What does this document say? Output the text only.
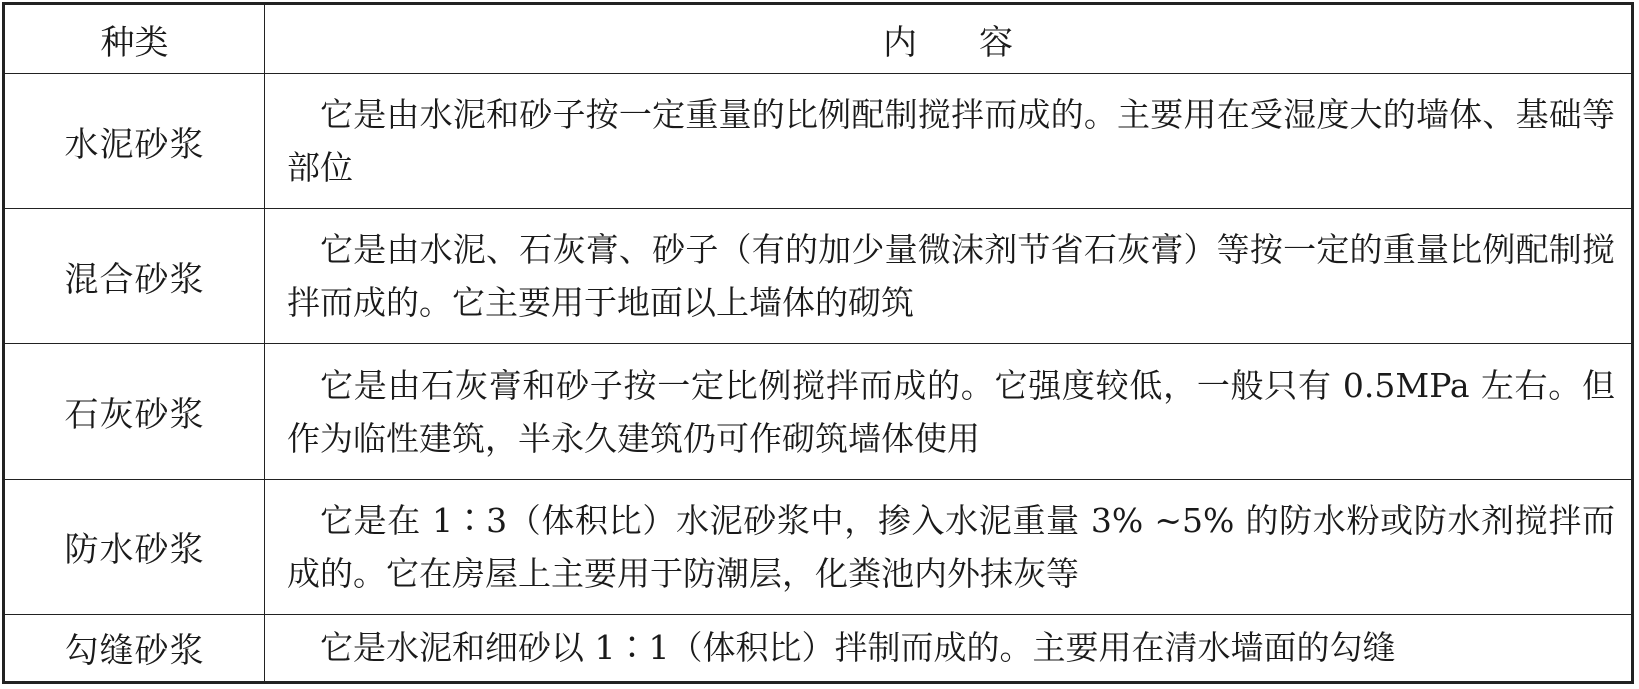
种类	内容
水泥砂浆	它是由水泥和砂子按一定重量的比例配制搅拌而成的。主要用在受湿度大的墙体、基础等部位
混合砂浆	它是由水泥、石灰膏、砂子（有的加少量微沫剂节省石灰膏）等按一定的重量比例配制搅拌而成的。它主要用于地面以上墙体的砌筑
石灰砂浆	它是由石灰膏和砂子按一定比例搅拌而成的。它强度较低，一般只有 0.5MPa 左右。但作为临性建筑，半永久建筑仍可作砌筑墙体使用
防水砂浆	它是在 1∶3（体积比）水泥砂浆中，掺入水泥重量 3% ~5% 的防水粉或防水剂搅拌而成的。它在房屋上主要用于防潮层，化粪池内外抹灰等
勾缝砂浆	它是水泥和细砂以 1∶1（体积比）拌制而成的。主要用在清水墙面的勾缝
